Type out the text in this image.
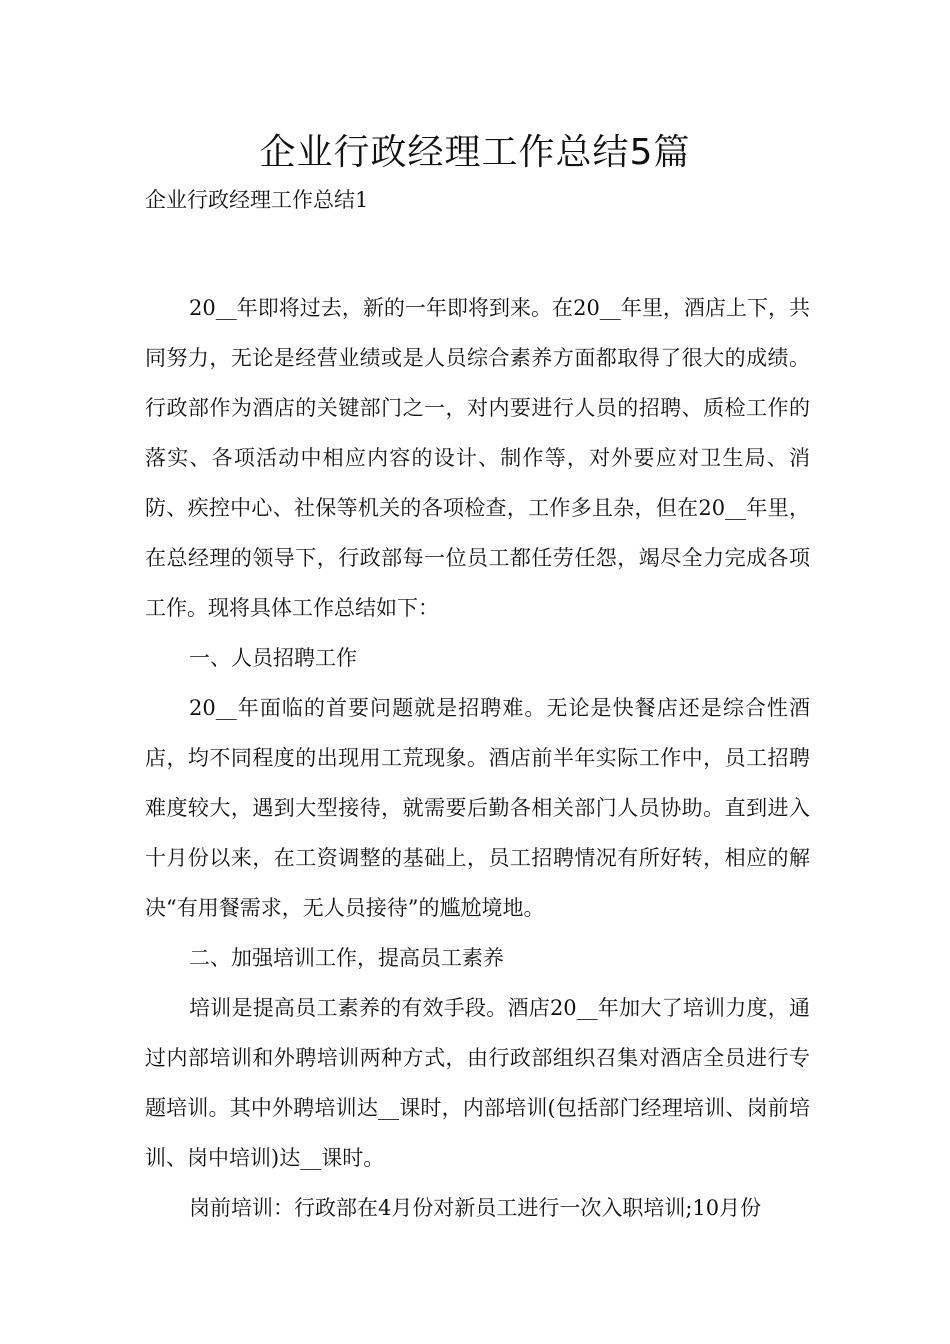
企业行政经理工作总结5篇

企业行政经理工作总结1

20__年即将过去，新的一年即将到来。在20__年里，酒店上下，共同努力，无论是经营业绩或是人员综合素养方面都取得了很大的成绩。行政部作为酒店的关键部门之一，对内要进行人员的招聘、质检工作的落实、各项活动中相应内容的设计、制作等，对外要应对卫生局、消防、疾控中心、社保等机关的各项检查，工作多且杂，但在20__年里，在总经理的领导下，行政部每一位员工都任劳任怨，竭尽全力完成各项工作。现将具体工作总结如下：

一、人员招聘工作

20__年面临的首要问题就是招聘难。无论是快餐店还是综合性酒店，均不同程度的出现用工荒现象。酒店前半年实际工作中，员工招聘难度较大，遇到大型接待，就需要后勤各相关部门人员协助。直到进入十月份以来，在工资调整的基础上，员工招聘情况有所好转，相应的解决“有用餐需求，无人员接待”的尴尬境地。

二、加强培训工作，提高员工素养

培训是提高员工素养的有效手段。酒店20__年加大了培训力度，通过内部培训和外聘培训两种方式，由行政部组织召集对酒店全员进行专题培训。其中外聘培训达__课时，内部培训(包括部门经理培训、岗前培训、岗中培训)达__课时。

岗前培训：行政部在4月份对新员工进行一次入职培训;10月份
